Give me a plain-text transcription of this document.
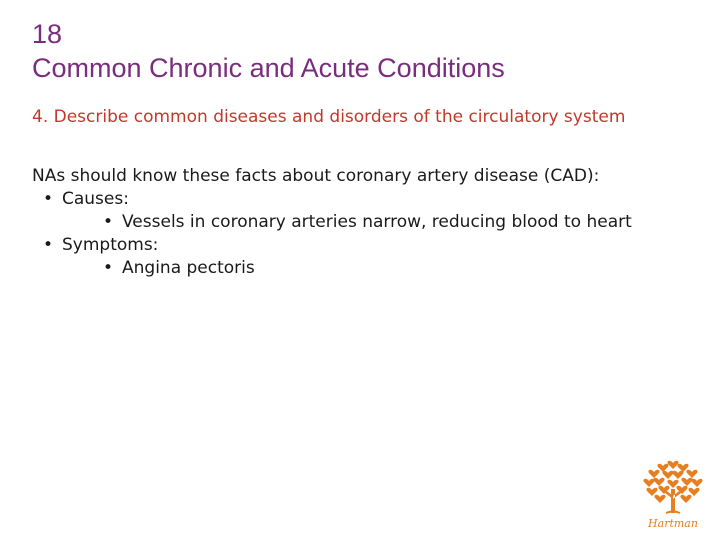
18
Common Chronic and Acute Conditions
4. Describe common diseases and disorders of the circulatory system
NAs should know these facts about coronary artery disease (CAD):
• Causes:
• Vessels in coronary arteries narrow, reducing blood to heart
• Symptoms:
• Angina pectoris
Hartman
